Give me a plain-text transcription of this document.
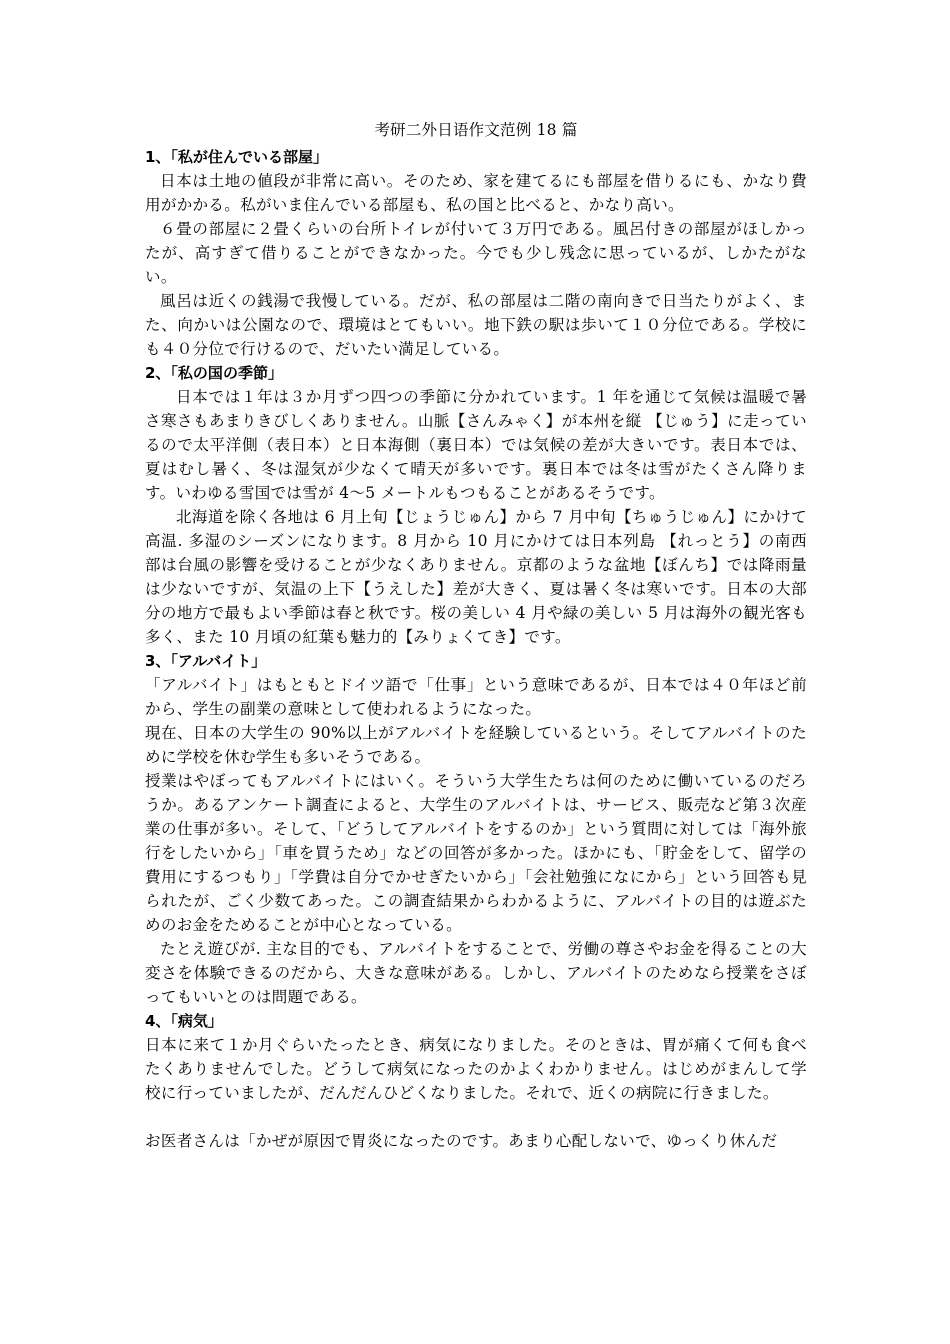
考研二外日语作文范例 18 篇
1、「私が住んでいる部屋」

日本は土地の値段が非常に高い。そのため、家を建てるにも部屋を借りるにも、かなり費用がかかる。私がいま住んでいる部屋も、私の国と比べると、かなり高い。

６畳の部屋に２畳くらいの台所トイレが付いて３万円である。風呂付きの部屋がほしかったが、高すぎて借りることができなかった。今でも少し残念に思っているが、しかたがない。

風呂は近くの銭湯で我慢している。だが、私の部屋は二階の南向きで日当たりがよく、また、向かいは公園なので、環境はとてもいい。地下鉄の駅は歩いて１０分位である。学校にも４０分位で行けるので、だいたい満足している。

2、「私の国の季節」

日本では１年は３か月ずつ四つの季節に分かれています。1 年を通じて気候は温暖で暑さ寒さもあまりきびしくありません。山脈【さんみゃく】が本州を縦 【じゅう】に走っているので太平洋側（表日本）と日本海側（裏日本）では気候の差が大きいです。表日本では、夏はむし暑く、冬は湿気が少なくて晴天が多いです。裏日本では冬は雪がたくさん降ります。いわゆる雪国では雪が 4～5 メートルもつもることがあるそうです。

北海道を除く各地は 6 月上旬【じょうじゅん】から 7 月中旬【ちゅうじゅん】にかけて高温. 多湿のシーズンになります。8 月から 10 月にかけては日本列島 【れっとう】の南西部は台風の影響を受けることが少なくありません。京都のような盆地【ぼんち】では降雨量は少ないですが、気温の上下【うえした】差が大きく、夏は暑く冬は寒いです。日本の大部分の地方で最もよい季節は春と秋です。桜の美しい 4 月や緑の美しい 5 月は海外の観光客も多く、また 10 月頃の紅葉も魅力的【みりょくてき】です。

3、「アルバイト」

「アルバイト」はもともとドイツ語で「仕事」という意味であるが、日本では４０年ほど前から、学生の副業の意味として使われるようになった。

現在、日本の大学生の 90%以上がアルバイトを経験しているという。そしてアルバイトのために学校を休む学生も多いそうである。

授業はやぼってもアルバイトにはいく。そういう大学生たちは何のために働いているのだろうか。あるアンケート調査によると、大学生のアルバイトは、サービス、販売など第３次産業の仕事が多い。そして、「どうしてアルバイトをするのか」という質問に対しては「海外旅行をしたいから」「車を買うため」などの回答が多かった。ほかにも、「貯金をして、留学の費用にするつもり」「学費は自分でかせぎたいから」「会社勉強になにから」という回答も見られたが、ごく少数てあった。この調査結果からわかるように、アルバイトの目的は遊ぶためのお金をためることが中心となっている。

たとえ遊びが. 主な目的でも、アルバイトをすることで、労働の尊さやお金を得ることの大変さを体験できるのだから、大きな意味がある。しかし、アルバイトのためなら授業をさぼってもいいとのは問題である。

4、「病気」

日本に来て１か月ぐらいたったとき、病気になりました。そのときは、胃が痛くて何も食べたくありませんでした。どうして病気になったのかよくわかりません。はじめがまんして学校に行っていましたが、だんだんひどくなりました。それで、近くの病院に行きました。

お医者さんは「かぜが原因で胃炎になったのです。あまり心配しないで、ゆっくり休んだ
